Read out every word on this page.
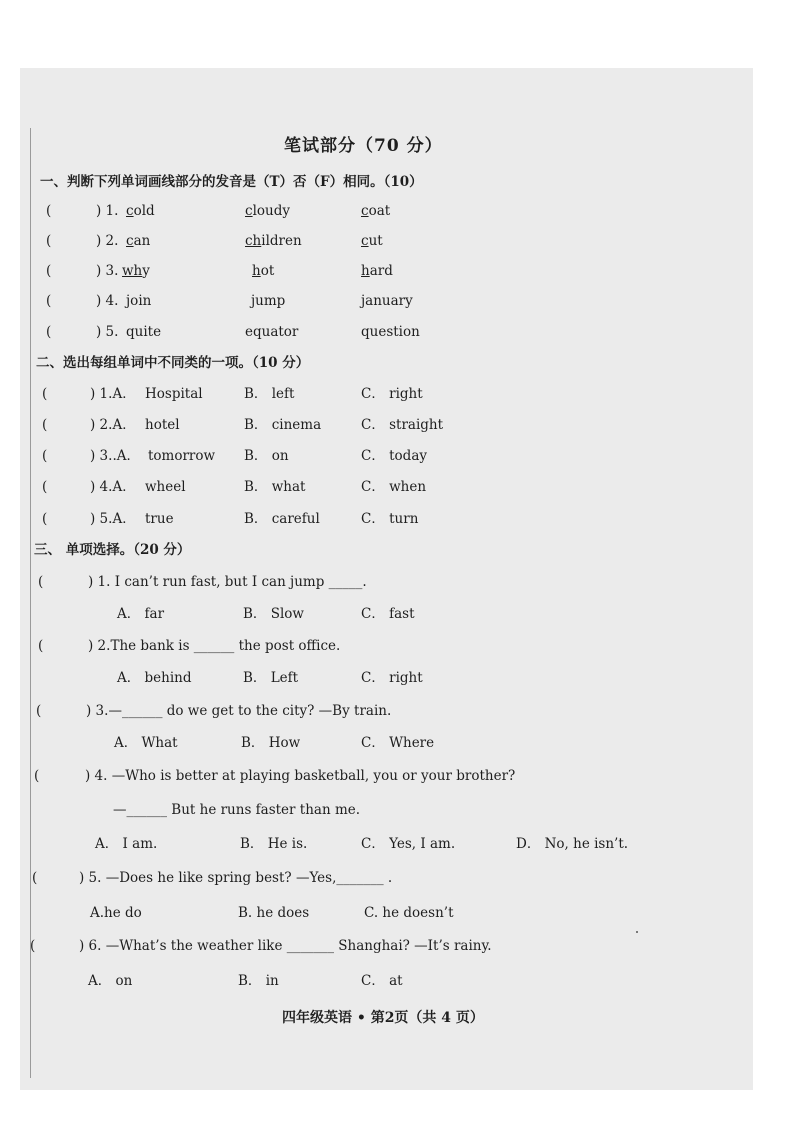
笔试部分（70 分）
一、判断下列单词画线部分的发音是（T）否（F）相同。（10）
(	) 1. cold	cloudy	coat
(	) 2. can	children	cut
(	) 3. why	hot	hard
(	) 4. join	jump	january
(	) 5. quite	equator	question
二、选出每组单词中不同类的一项。（10 分）
(	) 1.A． Hospital	B． left	C． right
(	) 2.A． hotel	B． cinema	C． straight
(	) 3..A． tomorrow B． on	C． today
(	) 4.A． wheel	B． what	C． when
(	) 5.A． true	B． careful	C． turn
三、 单项选择。（20 分）
(	) 1. I can’t run fast, but I can jump _____.
A． far	B． Slow	C． fast
(	) 2.The bank is ______ the post office.
A． behind	B． Left	C． right
(	) 3.—______ do we get to the city? —By train.
A． What	B． How	C． Where
(	) 4. —Who is better at playing basketball, you or your brother?
—______ But he runs faster than me.
A． I am.	B． He is.	C． Yes, I am.	D． No, he isn’t.
(	) 5. —Does he like spring best? —Yes,_______ .
A.he do	B. he does	C. he doesn’t
(	) 6. —What’s the weather like _______ Shanghai? —It’s rainy.
A． on	B． in	C． at
四年级英语 • 第2页（共 4 页）
